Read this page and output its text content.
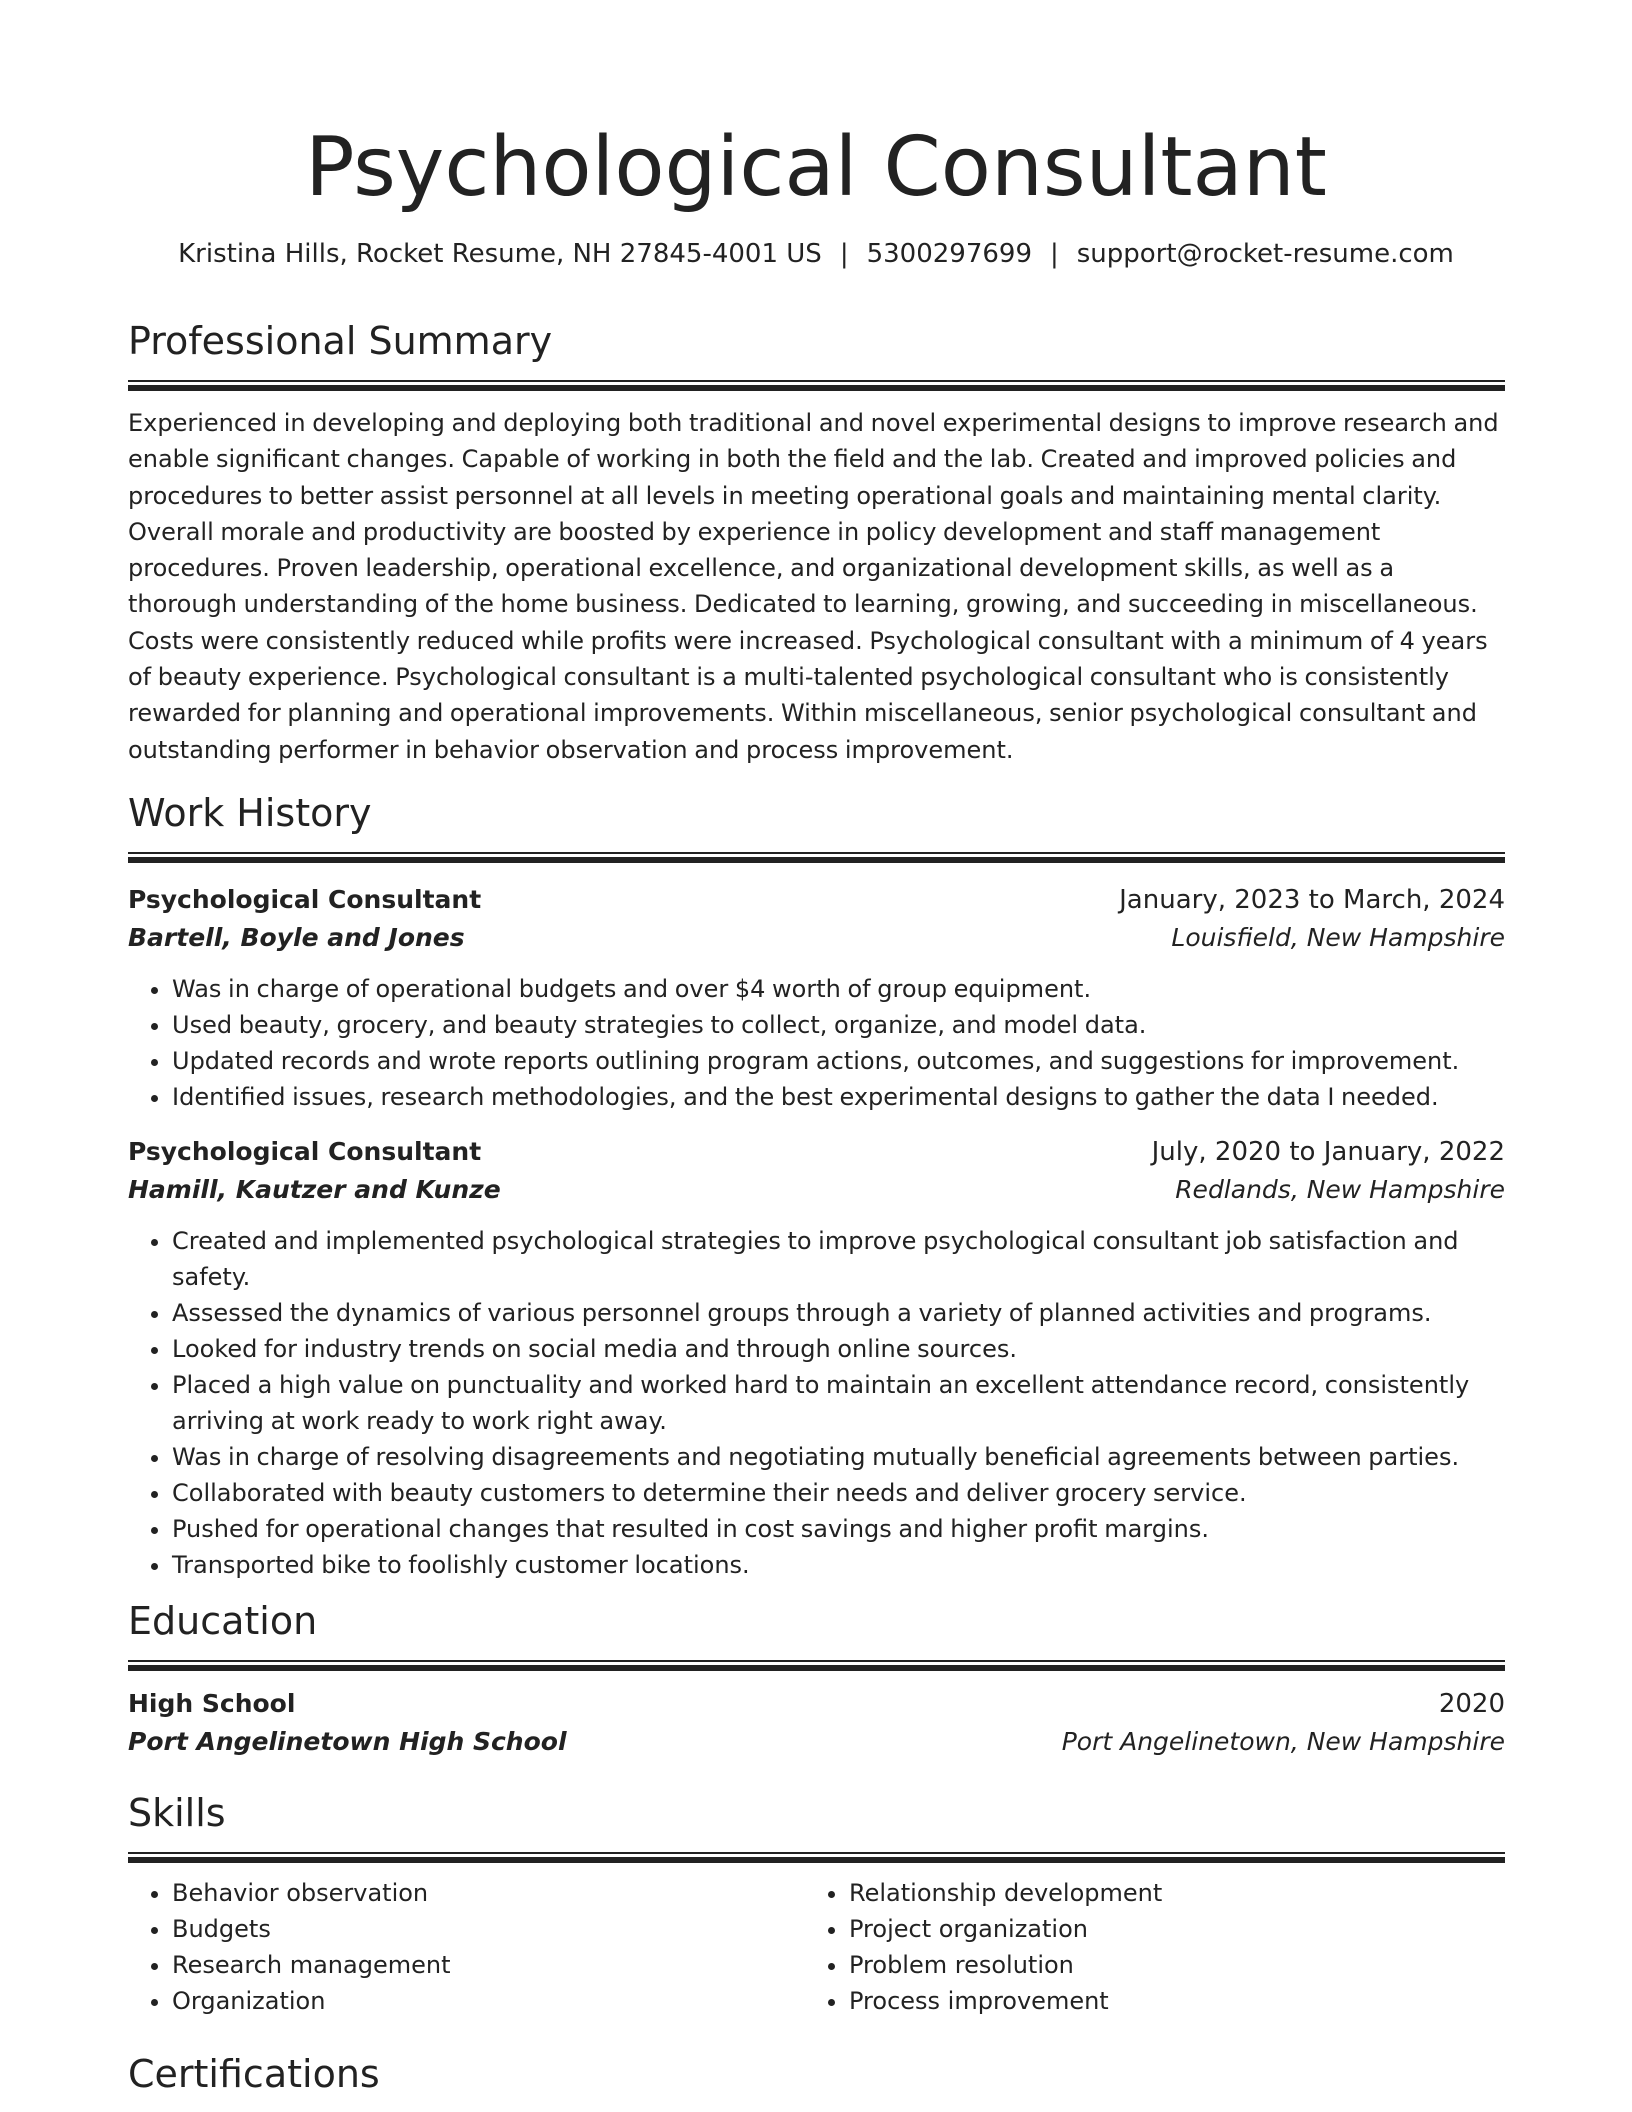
Psychological Consultant
Kristina Hills, Rocket Resume, NH 27845-4001 US | 5300297699 | support@rocket-resume.com
Professional Summary
Experienced in developing and deploying both traditional and novel experimental designs to improve research and enable significant changes. Capable of working in both the field and the lab. Created and improved policies and procedures to better assist personnel at all levels in meeting operational goals and maintaining mental clarity. Overall morale and productivity are boosted by experience in policy development and staff management procedures. Proven leadership, operational excellence, and organizational development skills, as well as a thorough understanding of the home business. Dedicated to learning, growing, and succeeding in miscellaneous. Costs were consistently reduced while profits were increased. Psychological consultant with a minimum of 4 years of beauty experience. Psychological consultant is a multi-talented psychological consultant who is consistently rewarded for planning and operational improvements. Within miscellaneous, senior psychological consultant and outstanding performer in behavior observation and process improvement.
Work History
Psychological Consultant	January, 2023 to March, 2024
Bartell, Boyle and Jones	Louisfield, New Hampshire
• Was in charge of operational budgets and over $4 worth of group equipment.
• Used beauty, grocery, and beauty strategies to collect, organize, and model data.
• Updated records and wrote reports outlining program actions, outcomes, and suggestions for improvement.
• Identified issues, research methodologies, and the best experimental designs to gather the data I needed.
Psychological Consultant	July, 2020 to January, 2022
Hamill, Kautzer and Kunze	Redlands, New Hampshire
• Created and implemented psychological strategies to improve psychological consultant job satisfaction and safety.
• Assessed the dynamics of various personnel groups through a variety of planned activities and programs.
• Looked for industry trends on social media and through online sources.
• Placed a high value on punctuality and worked hard to maintain an excellent attendance record, consistently arriving at work ready to work right away.
• Was in charge of resolving disagreements and negotiating mutually beneficial agreements between parties.
• Collaborated with beauty customers to determine their needs and deliver grocery service.
• Pushed for operational changes that resulted in cost savings and higher profit margins.
• Transported bike to foolishly customer locations.
Education
High School	2020
Port Angelinetown High School	Port Angelinetown, New Hampshire
Skills
• Behavior observation
• Budgets
• Research management
• Organization
• Relationship development
• Project organization
• Problem resolution
• Process improvement
Certifications
